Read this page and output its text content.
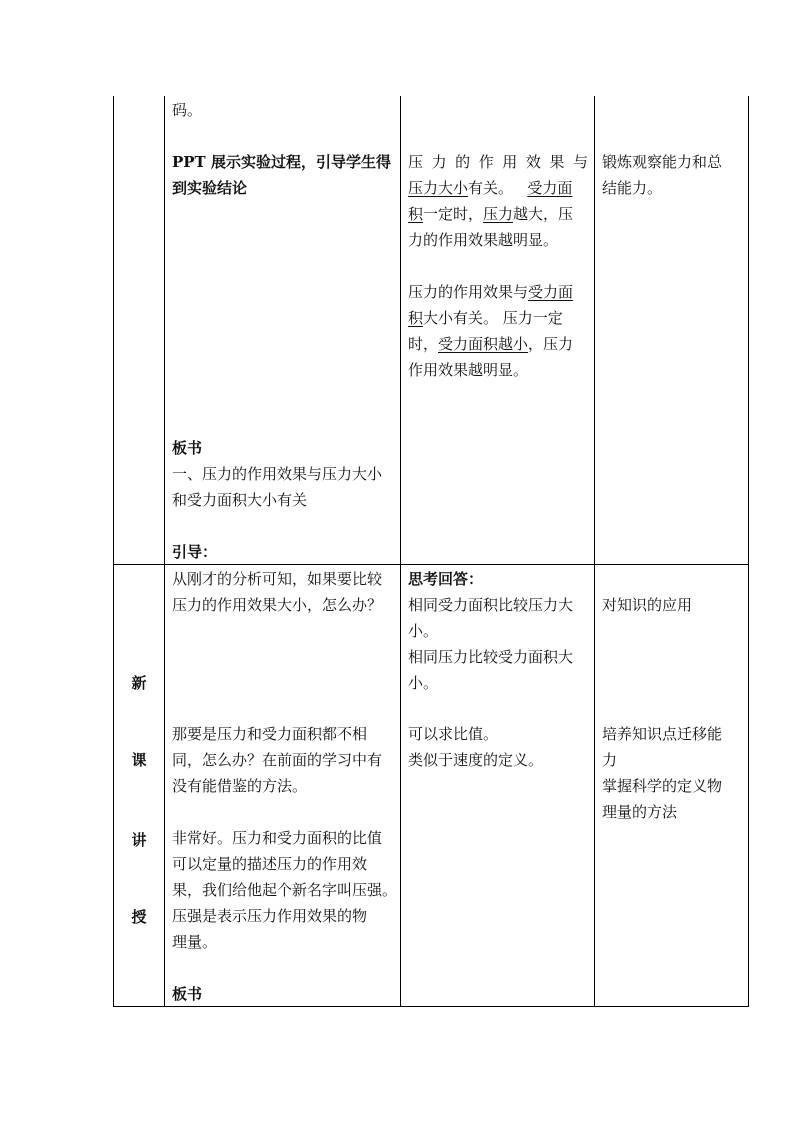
码。

PPT 展示实验过程，引导学生得

到实验结论

板书

一、压力的作用效果与压力大小

和受力面积大小有关

引导：

压力的作用效果与

压力大小有关。 受力面

积一定时，压力越大，压

力的作用效果越明显。

压力的作用效果与受力面

积大小有关。 压力一定

时，受力面积越小，压力

作用效果越明显。

锻炼观察能力和总

结能力。

新
课
讲
授

从刚才的分析可知，如果要比较

压力的作用效果大小，怎么办？

那要是压力和受力面积都不相

同，怎么办？在前面的学习中有

没有能借鉴的方法。

非常好。压力和受力面积的比值

可以定量的描述压力的作用效

果，我们给他起个新名字叫压强。

压强是表示压力作用效果的物

理量。

板书

思考回答：

相同受力面积比较压力大

小。

相同压力比较受力面积大

小。

可以求比值。

类似于速度的定义。

对知识的应用

培养知识点迁移能

力

掌握科学的定义物

理量的方法
